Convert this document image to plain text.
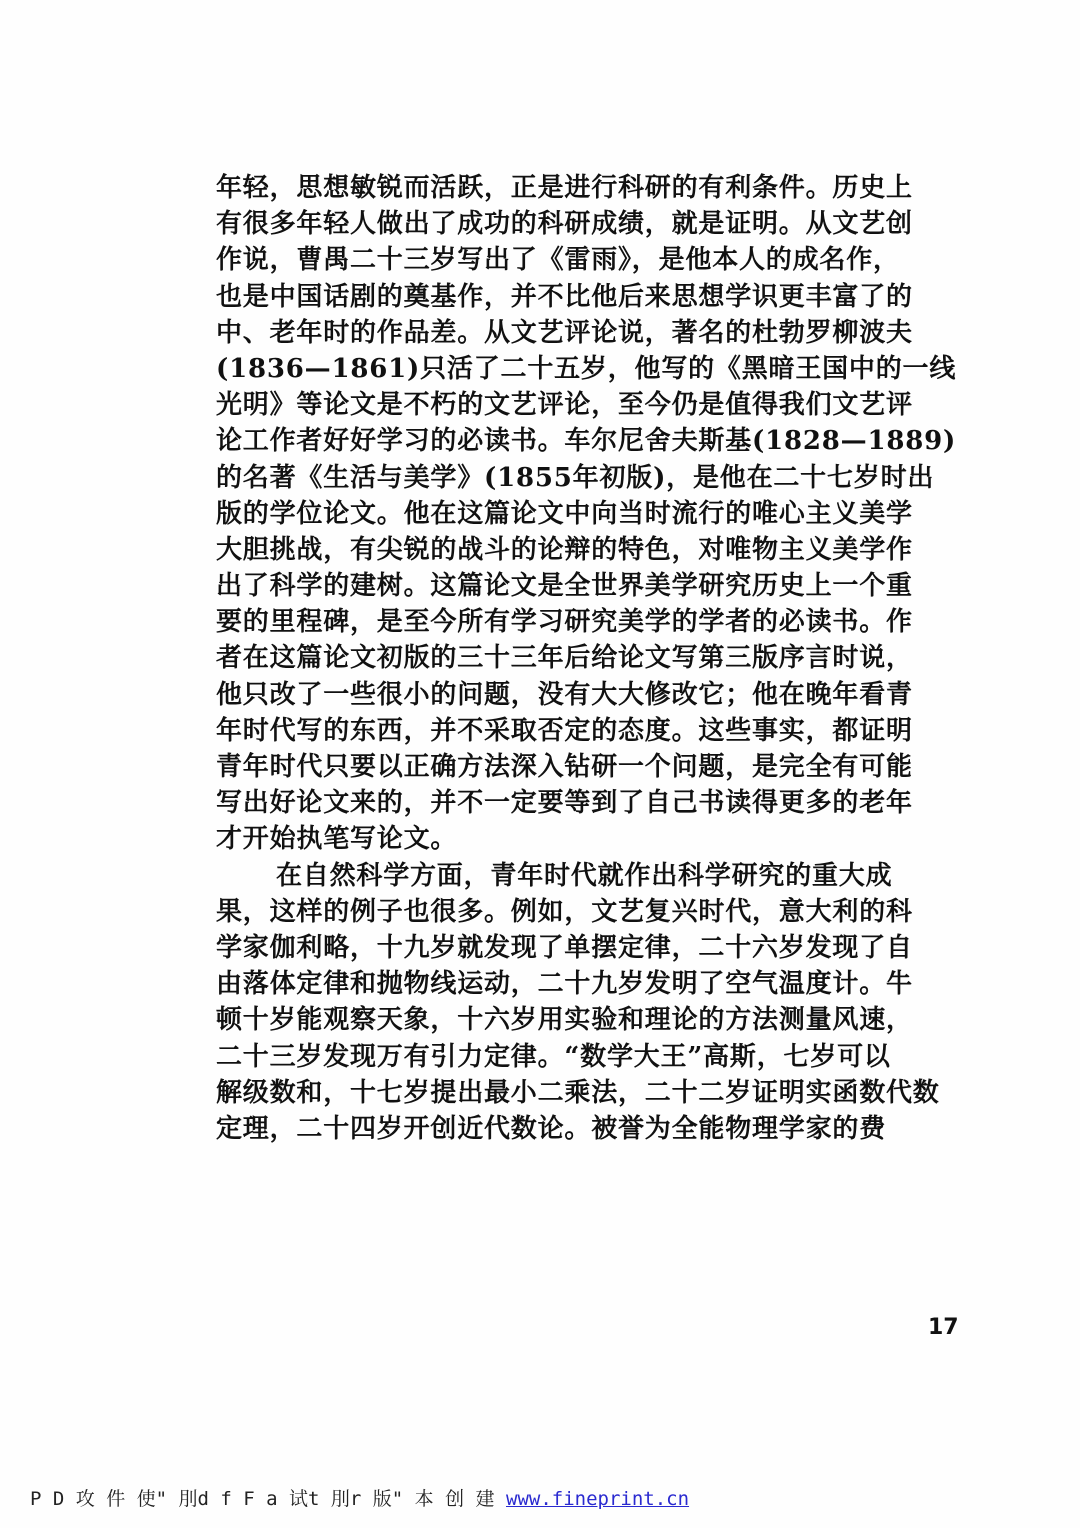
年轻，思想敏锐而活跃，正是进行科研的有利条件。历史上
有很多年轻人做出了成功的科研成绩，就是证明。从文艺创
作说，曹禺二十三岁写出了《雷雨》，是他本人的成名作，
也是中国话剧的奠基作，并不比他后来思想学识更丰富了的
中、老年时的作品差。从文艺评论说，著名的杜勃罗柳波夫
(1836—1861)只活了二十五岁，他写的《黑暗王国中的一线
光明》等论文是不朽的文艺评论，至今仍是值得我们文艺评
论工作者好好学习的必读书。车尔尼舍夫斯基(1828—1889)
的名著《生活与美学》(1855年初版)，是他在二十七岁时出
版的学位论文。他在这篇论文中向当时流行的唯心主义美学
大胆挑战，有尖锐的战斗的论辩的特色，对唯物主义美学作
出了科学的建树。这篇论文是全世界美学研究历史上一个重
要的里程碑，是至今所有学习研究美学的学者的必读书。作
者在这篇论文初版的三十三年后给论文写第三版序言时说，
他只改了一些很小的问题，没有大大修改它；他在晚年看青
年时代写的东西，并不采取否定的态度。这些事实，都证明
青年时代只要以正确方法深入钻研一个问题，是完全有可能
写出好论文来的，并不一定要等到了自己书读得更多的老年
才开始执笔写论文。
在自然科学方面，青年时代就作出科学研究的重大成
果，这样的例子也很多。例如，文艺复兴时代，意大利的科
学家伽利略，十九岁就发现了单摆定律，二十六岁发现了自
由落体定律和抛物线运动，二十九岁发明了空气温度计。牛
顿十岁能观察天象，十六岁用实验和理论的方法测量风速，
二十三岁发现万有引力定律。“数学大王”高斯，七岁可以
解级数和，十七岁提出最小二乘法，二十二岁证明实函数代数
定理，二十四岁开创近代数论。被誉为全能物理学家的费
17
P D 攻 件 使" 刖d f F a 试t 刖r 版" 本 创 建 www.fineprint.cn
